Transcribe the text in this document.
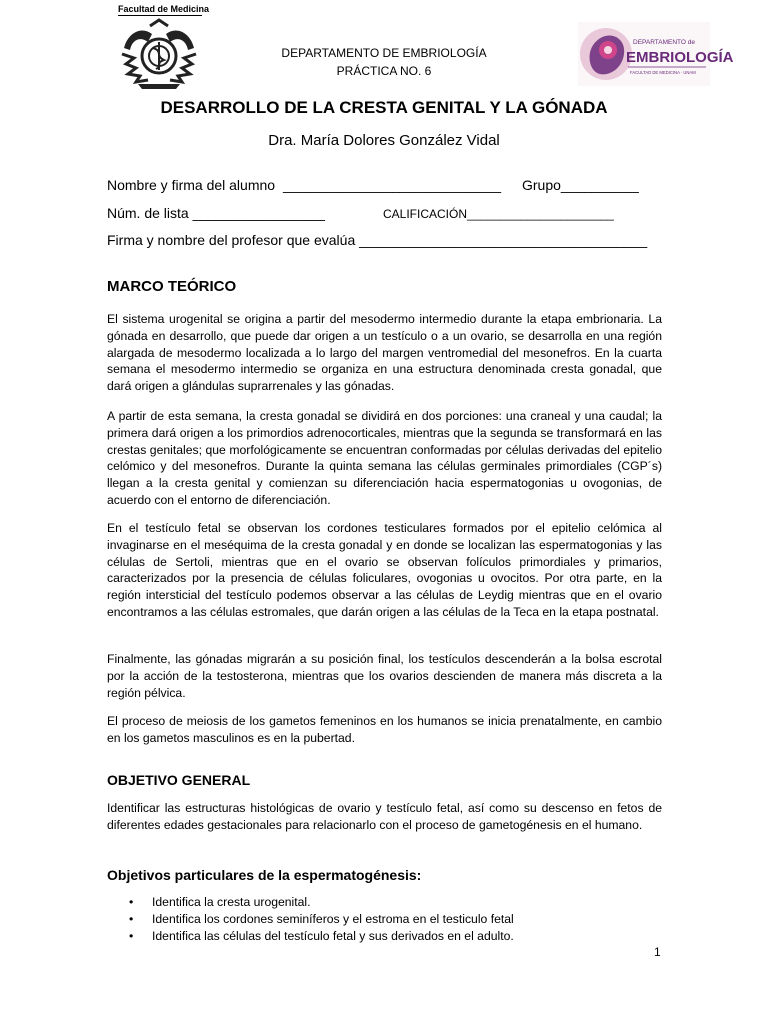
Facultad de Medicina
DEPARTAMENTO DE EMBRIOLOGÍA
PRÁCTICA NO. 6
DEPARTAMENTO de
EMBRIOLOGÍA
FACULTAD DE MEDICINA · UNAM
DESARROLLO DE LA CRESTA GENITAL Y LA GÓNADA
Dra. María Dolores González Vidal
Nombre y firma del alumno ____________________________ Grupo__________
Núm. de lista _________________	CALIFICACIÓN______________________
Firma y nombre del profesor que evalúa _____________________________________
MARCO TEÓRICO
El sistema urogenital se origina a partir del mesodermo intermedio durante la etapa embrionaria. La gónada en desarrollo, que puede dar origen a un testículo o a un ovario, se desarrolla en una región alargada de mesodermo localizada a lo largo del margen ventromedial del mesonefros. En la cuarta semana el mesodermo intermedio se organiza en una estructura denominada cresta gonadal, que dará origen a glándulas suprarrenales y las gónadas.
A partir de esta semana, la cresta gonadal se dividirá en dos porciones: una craneal y una caudal; la primera dará origen a los primordios adrenocorticales, mientras que la segunda se transformará en las crestas genitales; que morfológicamente se encuentran conformadas por células derivadas del epitelio celómico y del mesonefros. Durante la quinta semana las células germinales primordiales (CGP´s) llegan a la cresta genital y comienzan su diferenciación hacia espermatogonias u ovogonias, de acuerdo con el entorno de diferenciación.
En el testículo fetal se observan los cordones testiculares formados por el epitelio celómica al invaginarse en el meséquima de la cresta gonadal y en donde se localizan las espermatogonias y las células de Sertoli, mientras que en el ovario se observan folículos primordiales y primarios, caracterizados por la presencia de células foliculares, ovogonias u ovocitos. Por otra parte, en la región intersticial del testículo podemos observar a las células de Leydig mientras que en el ovario encontramos a las células estromales, que darán origen a las células de la Teca en la etapa postnatal.
Finalmente, las gónadas migrarán a su posición final, los testículos descenderán a la bolsa escrotal por la acción de la testosterona, mientras que los ovarios descienden de manera más discreta a la región pélvica.
El proceso de meiosis de los gametos femeninos en los humanos se inicia prenatalmente, en cambio en los gametos masculinos es en la pubertad.
OBJETIVO GENERAL
Identificar las estructuras histológicas de ovario y testículo fetal, así como su descenso en fetos de diferentes edades gestacionales para relacionarlo con el proceso de gametogénesis en el humano.
Objetivos particulares de la espermatogénesis:
• Identifica la cresta urogenital.
• Identifica los cordones seminíferos y el estroma en el testiculo fetal
• Identifica las células del testículo fetal y sus derivados en el adulto.
1
